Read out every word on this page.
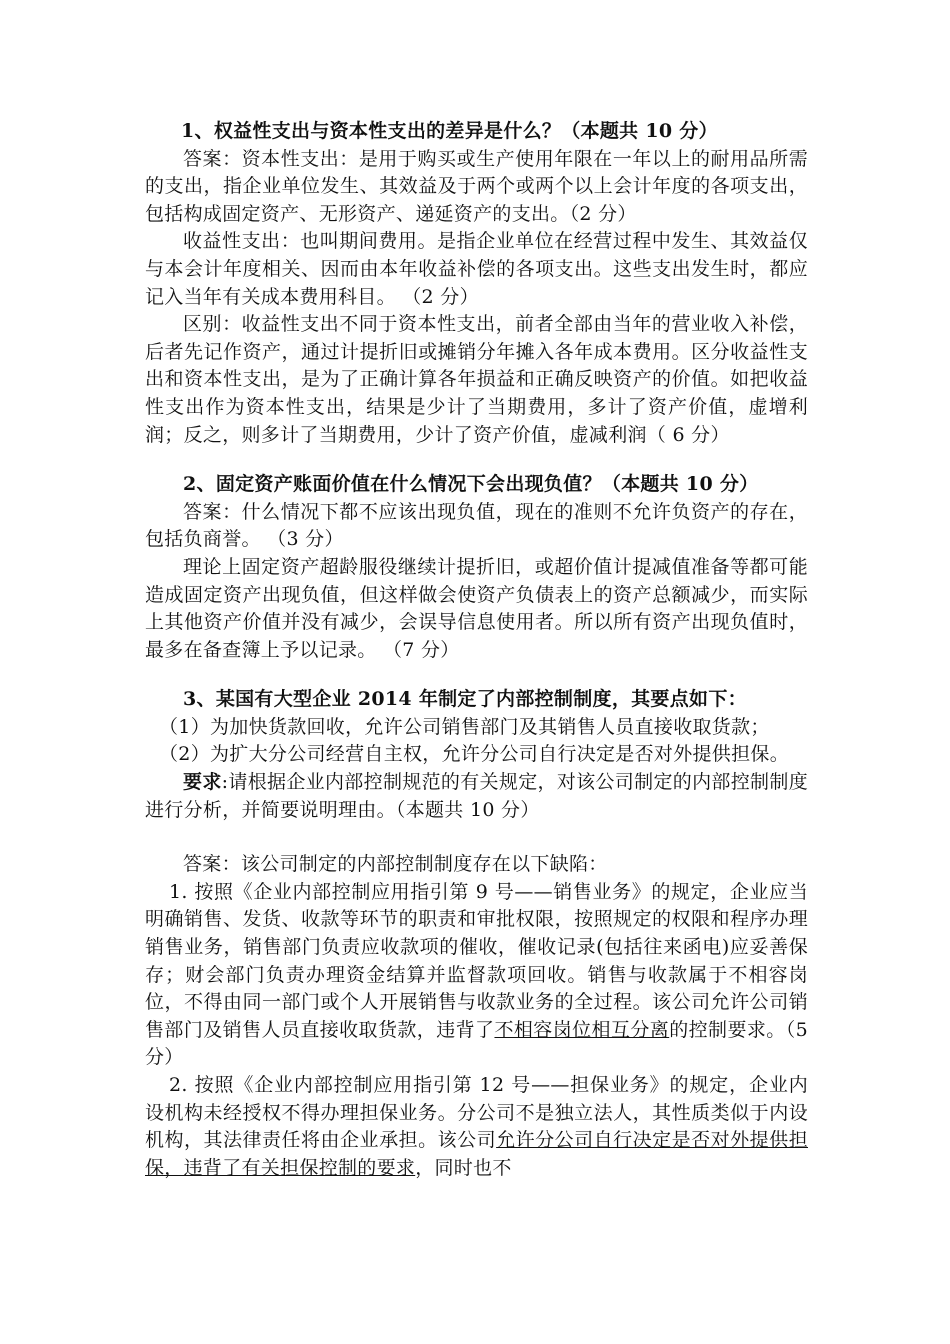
1、权益性支出与资本性支出的差异是什么？（本题共 10 分）

答案：资本性支出：是用于购买或生产使用年限在一年以上的耐用品所需的支出，指企业单位发生、其效益及于两个或两个以上会计年度的各项支出，包括构成固定资产、无形资产、递延资产的支出。（2 分）

收益性支出：也叫期间费用。是指企业单位在经营过程中发生、其效益仅与本会计年度相关、因而由本年收益补偿的各项支出。这些支出发生时，都应记入当年有关成本费用科目。 （2 分）

区别：收益性支出不同于资本性支出，前者全部由当年的营业收入补偿，后者先记作资产，通过计提折旧或摊销分年摊入各年成本费用。区分收益性支出和资本性支出，是为了正确计算各年损益和正确反映资产的价值。如把收益性支出作为资本性支出，结果是少计了当期费用，多计了资产价值，虚增利润；反之，则多计了当期费用，少计了资产价值，虚减利润（ 6 分）

2、固定资产账面价值在什么情况下会出现负值？（本题共 10 分）

答案：什么情况下都不应该出现负值，现在的准则不允许负资产的存在，包括负商誉。 （3 分）

理论上固定资产超龄服役继续计提折旧，或超价值计提减值准备等都可能造成固定资产出现负值，但这样做会使资产负债表上的资产总额减少，而实际上其他资产价值并没有减少，会误导信息使用者。所以所有资产出现负值时，最多在备查簿上予以记录。 （7 分）

3、某国有大型企业 2014 年制定了内部控制制度，其要点如下：

（1）为加快货款回收，允许公司销售部门及其销售人员直接收取货款；

（2）为扩大分公司经营自主权，允许分公司自行决定是否对外提供担保。

要求:请根据企业内部控制规范的有关规定，对该公司制定的内部控制制度进行分析，并简要说明理由。（本题共 10 分）

答案：该公司制定的内部控制制度存在以下缺陷：

1. 按照《企业内部控制应用指引第 9 号——销售业务》的规定，企业应当明确销售、发货、收款等环节的职责和审批权限，按照规定的权限和程序办理销售业务，销售部门负责应收款项的催收，催收记录(包括往来函电)应妥善保存；财会部门负责办理资金结算并监督款项回收。销售与收款属于不相容岗位，不得由同一部门或个人开展销售与收款业务的全过程。该公司允许公司销售部门及销售人员直接收取货款，违背了不相容岗位相互分离的控制要求。（5 分）

2. 按照《企业内部控制应用指引第 12 号——担保业务》的规定，企业内设机构未经授权不得办理担保业务。分公司不是独立法人，其性质类似于内设机构，其法律责任将由企业承担。该公司允许分公司自行决定是否对外提供担保，违背了有关担保控制的要求，同时也不
